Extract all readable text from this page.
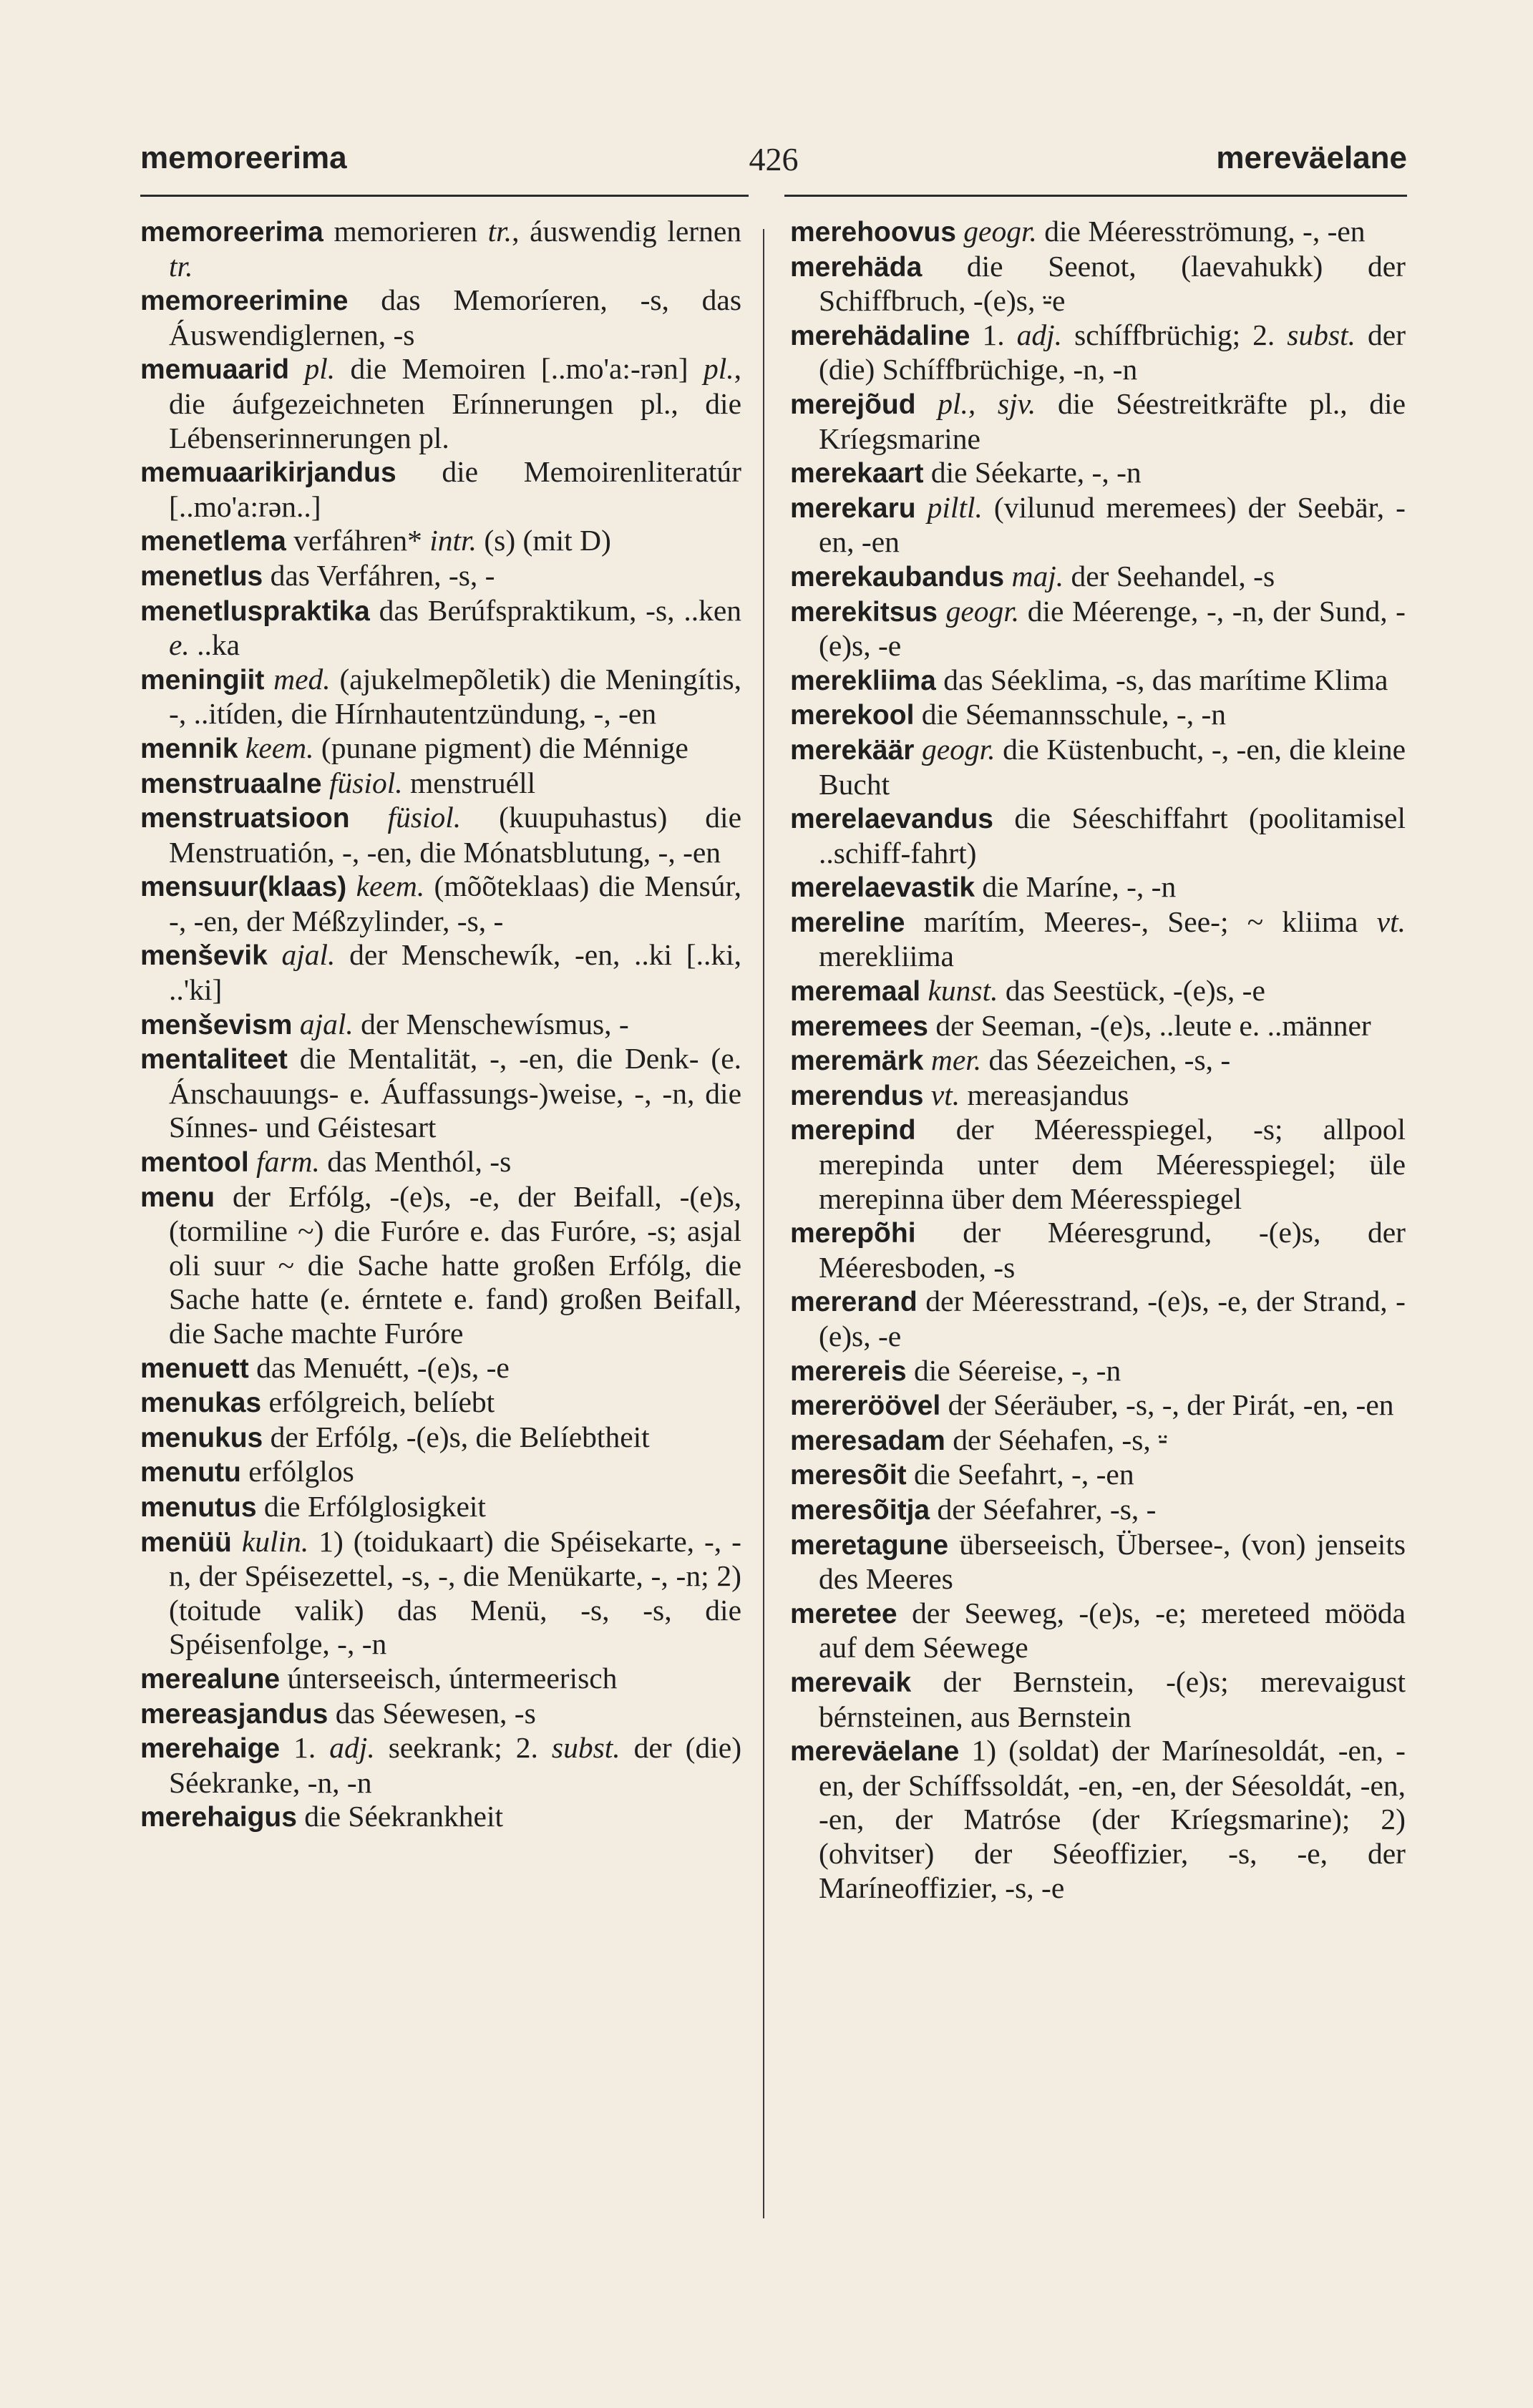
memoreerima	426	mereväelane

memoreerima memorieren tr., áuswendig lernen tr.

memoreerimine das Memoríeren, -s, das Áuswendiglernen, -s

memuaarid pl. die Memoiren [..mo'a:-rən] pl., die áufgezeichneten Erínnerungen pl., die Lébenserinnerungen pl.

memuaarikirjandus die Memoirenliteratúr [..mo'a:rən..]

menetlema verfáhren* intr. (s) (mit D)

menetlus das Verfáhren, -s, -

menetluspraktika das Berúfspraktikum, -s, ..ken e. ..ka

meningiit med. (ajukelmepõletik) die Meningítis, -, ..itíden, die Hírnhautentzündung, -, -en

mennik keem. (punane pigment) die Ménnige

menstruaalne füsiol. menstruéll

menstruatsioon füsiol. (kuupuhastus) die Menstruatión, -, -en, die Mónatsblutung, -, -en

mensuur(klaas) keem. (mõõteklaas) die Mensúr, -, -en, der Méßzylinder, -s, -

menševik ajal. der Menschewík, -en, ..ki [..ki, ..'ki]

menševism ajal. der Menschewísmus, -

mentaliteet die Mentalität, -, -en, die Denk- (e. Ánschauungs- e. Áuffassungs-)weise, -, -n, die Sínnes- und Géistesart

mentool farm. das Menthól, -s

menu der Erfólg, -(e)s, -e, der Beifall, -(e)s, (tormiline ~) die Furóre e. das Furóre, -s; asjal oli suur ~ die Sache hatte großen Erfólg, die Sache hatte (e. érntete e. fand) großen Beifall, die Sache machte Furóre

menuett das Menuétt, -(e)s, -e

menukas erfólgreich, belíebt

menukus der Erfólg, -(e)s, die Belíebtheit

menutu erfólglos

menutus die Erfólglosigkeit

menüü kulin. 1) (toidukaart) die Spéisekarte, -, -n, der Spéisezettel, -s, -, die Menükarte, -, -n; 2) (toitude valik) das Menü, -s, -s, die Spéisenfolge, -, -n

merealune únterseeisch, úntermeerisch

mereasjandus das Séewesen, -s

merehaige 1. adj. seekrank; 2. subst. der (die) Séekranke, -n, -n

merehaigus die Séekrankheit

merehoovus geogr. die Méeresströmung, -, -en

merehäda die Seenot, (laevahukk) der Schiffbruch, -(e)s, ⸚e

merehädaline 1. adj. schíffbrüchig; 2. subst. der (die) Schíffbrüchige, -n, -n

merejõud pl., sjv. die Séestreitkräfte pl., die Kríegsmarine

merekaart die Séekarte, -, -n

merekaru piltl. (vilunud meremees) der Seebär, -en, -en

merekaubandus maj. der Seehandel, -s

merekitsus geogr. die Méerenge, -, -n, der Sund, -(e)s, -e

merekliima das Séeklima, -s, das marítime Klima

merekool die Séemannsschule, -, -n

merekäär geogr. die Küstenbucht, -, -en, die kleine Bucht

merelaevandus die Séeschiffahrt (poolitamisel ..schiff-fahrt)

merelaevastik die Maríne, -, -n

mereline marítím, Meeres-, See-; ~ kliima vt. merekliima

meremaal kunst. das Seestück, -(e)s, -e

meremees der Seeman, -(e)s, ..leute e. ..männer

meremärk mer. das Séezeichen, -s, -

merendus vt. mereasjandus

merepind der Méeresspiegel, -s; allpool merepinda unter dem Méeresspiegel; üle merepinna über dem Méeresspiegel

merepõhi der Méeresgrund, -(e)s, der Méeresboden, -s

mererand der Méeresstrand, -(e)s, -e, der Strand, -(e)s, -e

merereis die Séereise, -, -n

mereröövel der Séeräuber, -s, -, der Pirát, -en, -en

meresadam der Séehafen, -s, ⸚

meresõit die Seefahrt, -, -en

meresõitja der Séefahrer, -s, -

meretagune überseeisch, Übersee-, (von) jenseits des Meeres

meretee der Seeweg, -(e)s, -e; meretееd mööda auf dem Séewege

merevaik der Bernstein, -(e)s; merevaigust bérnsteinen, aus Bernstein

mereväelane 1) (soldat) der Marínesoldát, -en, -en, der Schíffssoldát, -en, -en, der Séesoldát, -en, -en, der Matróse (der Kríegsmarine); 2) (ohvitser) der Séeoffizier, -s, -e, der Maríneoffizier, -s, -e
